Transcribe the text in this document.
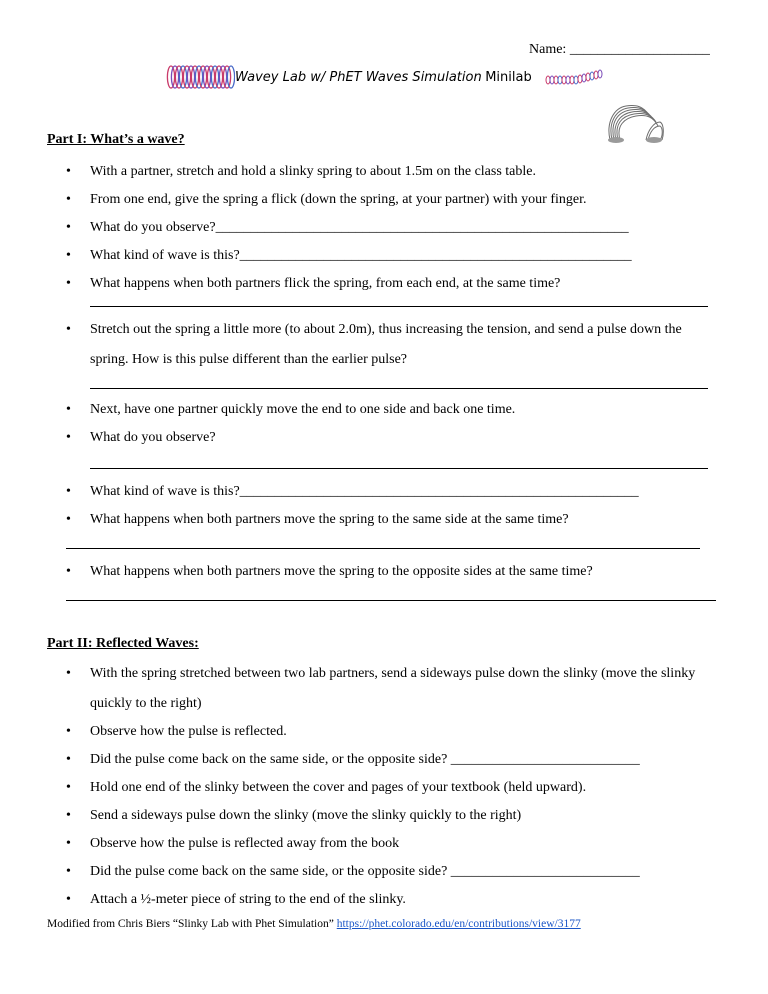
Name: ____________________
Wavey Lab w/ PhET Waves Simulation Minilab
Part I: What’s a wave?
• With a partner, stretch and hold a slinky spring to about 1.5m on the class table.
• From one end, give the spring a flick (down the spring, at your partner) with your finger.
• What do you observe?___________________________________________________________
• What kind of wave is this?________________________________________________________
• What happens when both partners flick the spring, from each end, at the same time?
• Stretch out the spring a little more (to about 2.0m), thus increasing the tension, and send a pulse down the spring. How is this pulse different than the earlier pulse?
• Next, have one partner quickly move the end to one side and back one time.
• What do you observe?
• What kind of wave is this?_________________________________________________________
• What happens when both partners move the spring to the same side at the same time?
• What happens when both partners move the spring to the opposite sides at the same time?
Part II: Reflected Waves:
• With the spring stretched between two lab partners, send a sideways pulse down the slinky (move the slinky quickly to the right)
• Observe how the pulse is reflected.
• Did the pulse come back on the same side, or the opposite side? ___________________________
• Hold one end of the slinky between the cover and pages of your textbook (held upward).
• Send a sideways pulse down the slinky (move the slinky quickly to the right)
• Observe how the pulse is reflected away from the book
• Did the pulse come back on the same side, or the opposite side? ___________________________
• Attach a ½-meter piece of string to the end of the slinky.
Modified from Chris Biers “Slinky Lab with Phet Simulation” https://phet.colorado.edu/en/contributions/view/3177
